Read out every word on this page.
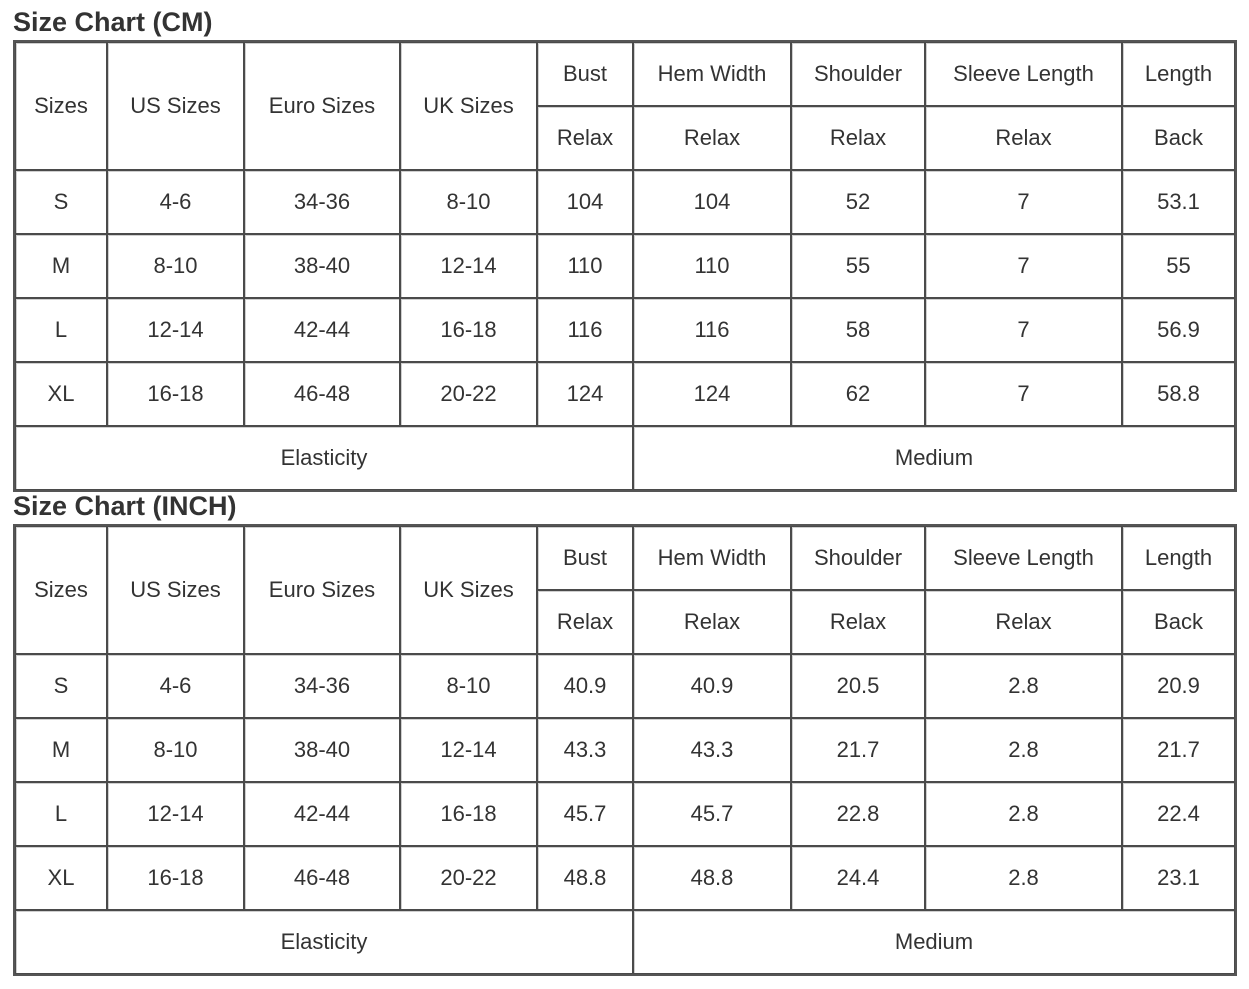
Size Chart (CM)
Sizes	US Sizes	Euro Sizes	UK Sizes	Bust	Hem Width	Shoulder	Sleeve Length	Length
				Relax	Relax	Relax	Relax	Back
S	4-6	34-36	8-10	104	104	52	7	53.1
M	8-10	38-40	12-14	110	110	55	7	55
L	12-14	42-44	16-18	116	116	58	7	56.9
XL	16-18	46-48	20-22	124	124	62	7	58.8
Elasticity					Medium			
Size Chart (INCH)
Sizes	US Sizes	Euro Sizes	UK Sizes	Bust	Hem Width	Shoulder	Sleeve Length	Length
				Relax	Relax	Relax	Relax	Back
S	4-6	34-36	8-10	40.9	40.9	20.5	2.8	20.9
M	8-10	38-40	12-14	43.3	43.3	21.7	2.8	21.7
L	12-14	42-44	16-18	45.7	45.7	22.8	2.8	22.4
XL	16-18	46-48	20-22	48.8	48.8	24.4	2.8	23.1
Elasticity					Medium			
